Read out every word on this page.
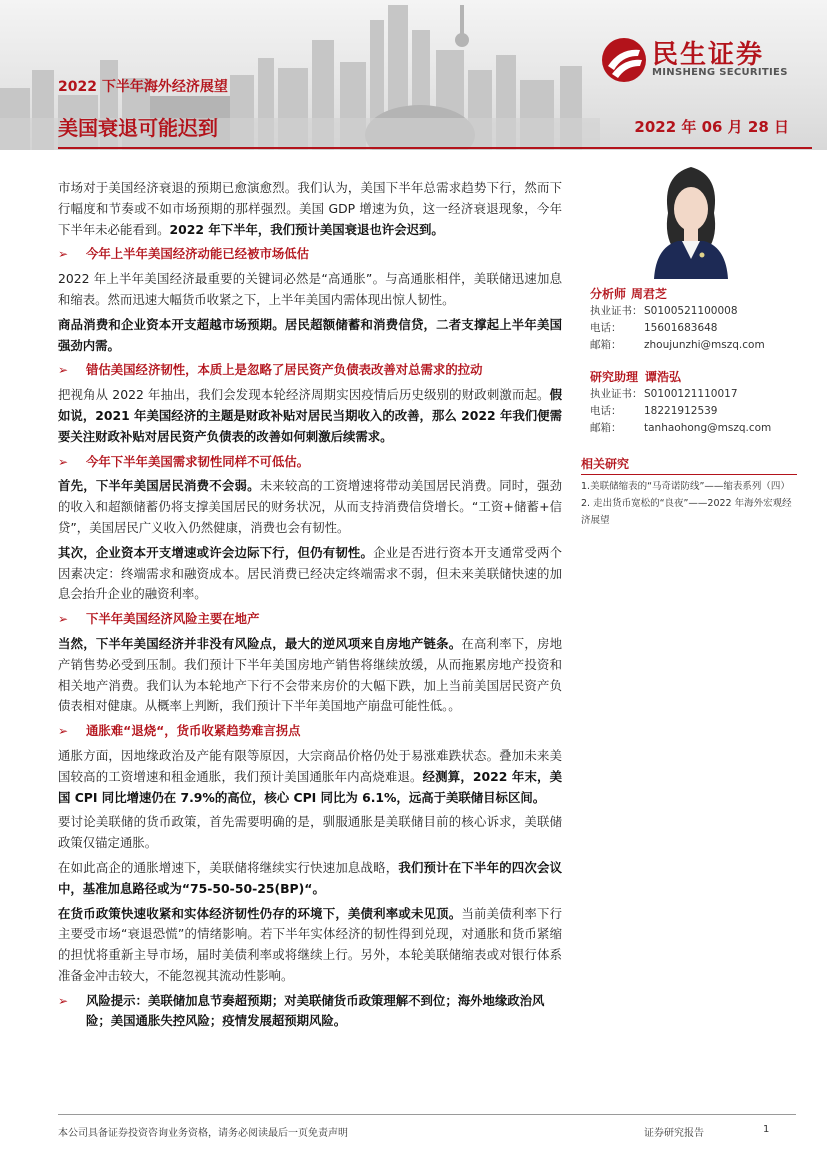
民生证券
MINSHENG SECURITIES
2022 下半年海外经济展望
美国衰退可能迟到	2022 年 06 月 28 日

市场对于美国经济衰退的预期已愈演愈烈。我们认为，美国下半年总需求趋势下行，然而下行幅度和节奏或不如市场预期的那样强烈。美国 GDP 增速为负，这一经济衰退现象，今年下半年未必能看到。2022 年下半年，我们预计美国衰退也许会迟到。

➢ 今年上半年美国经济动能已经被市场低估

2022 年上半年美国经济最重要的关键词必然是“高通胀”。与高通胀相伴，美联储迅速加息和缩表。然而迅速大幅货币收紧之下，上半年美国内需体现出惊人韧性。

商品消费和企业资本开支超越市场预期。居民超额储蓄和消费信贷，二者支撑起上半年美国强劲内需。

➢ 错估美国经济韧性，本质上是忽略了居民资产负债表改善对总需求的拉动

把视角从 2022 年抽出，我们会发现本轮经济周期实因疫情后历史级别的财政刺激而起。假如说，2021 年美国经济的主题是财政补贴对居民当期收入的改善，那么 2022 年我们便需要关注财政补贴对居民资产负债表的改善如何刺激后续需求。

➢ 今年下半年美国需求韧性同样不可低估。

首先，下半年美国居民消费不会弱。未来较高的工资增速将带动美国居民消费。同时，强劲的收入和超额储蓄仍将支撑美国居民的财务状况，从而支持消费信贷增长。“工资+储蓄+信贷”，美国居民广义收入仍然健康，消费也会有韧性。

其次，企业资本开支增速或许会边际下行，但仍有韧性。企业是否进行资本开支通常受两个因素决定：终端需求和融资成本。居民消费已经决定终端需求不弱，但未来美联储快速的加息会抬升企业的融资利率。

➢ 下半年美国经济风险主要在地产

当然，下半年美国经济并非没有风险点，最大的逆风项来自房地产链条。在高利率下，房地产销售势必受到压制。我们预计下半年美国房地产销售将继续放缓，从而拖累房地产投资和相关地产消费。我们认为本轮地产下行不会带来房价的大幅下跌，加上当前美国居民资产负债表相对健康。从概率上判断，我们预计下半年美国地产崩盘可能性低。。

➢ 通胀难“退烧“，货币收紧趋势难言拐点

通胀方面，因地缘政治及产能有限等原因，大宗商品价格仍处于易涨难跌状态。叠加未来美国较高的工资增速和租金通胀，我们预计美国通胀年内高烧难退。经测算，2022 年末，美国 CPI 同比增速仍在 7.9%的高位，核心 CPI 同比为 6.1%，远高于美联储目标区间。

要讨论美联储的货币政策，首先需要明确的是，驯服通胀是美联储目前的核心诉求，美联储政策仅锚定通胀。

在如此高企的通胀增速下，美联储将继续实行快速加息战略，我们预计在下半年的四次会议中，基准加息路径或为“75-50-50-25(BP)“。

在货币政策快速收紧和实体经济韧性仍存的环境下，美债利率或未见顶。当前美债利率下行主要受市场“衰退恐慌”的情绪影响。若下半年实体经济的韧性得到兑现，对通胀和货币紧缩的担忧将重新主导市场，届时美债利率或将继续上行。另外，本轮美联储缩表或对银行体系准备金冲击较大，不能忽视其流动性影响。

➢ 风险提示：美联储加息节奏超预期；对美联储货币政策理解不到位；海外地缘政治风险；美国通胀失控风险；疫情发展超预期风险。
分析师 周君芝
执业证书： S0100521100008
电话： 15601683648
邮箱： zhoujunzhi@mszq.com
研究助理 谭浩弘
执业证书： S0100121110017
电话： 18221912539
邮箱： tanhaohong@mszq.com
相关研究
1.美联储缩表的“马奇诺防线”——缩表系列（四）
2. 走出货币宽松的“良夜”——2022 年海外宏观经济展望
本公司具备证券投资咨询业务资格，请务必阅读最后一页免责声明	证券研究报告	1
